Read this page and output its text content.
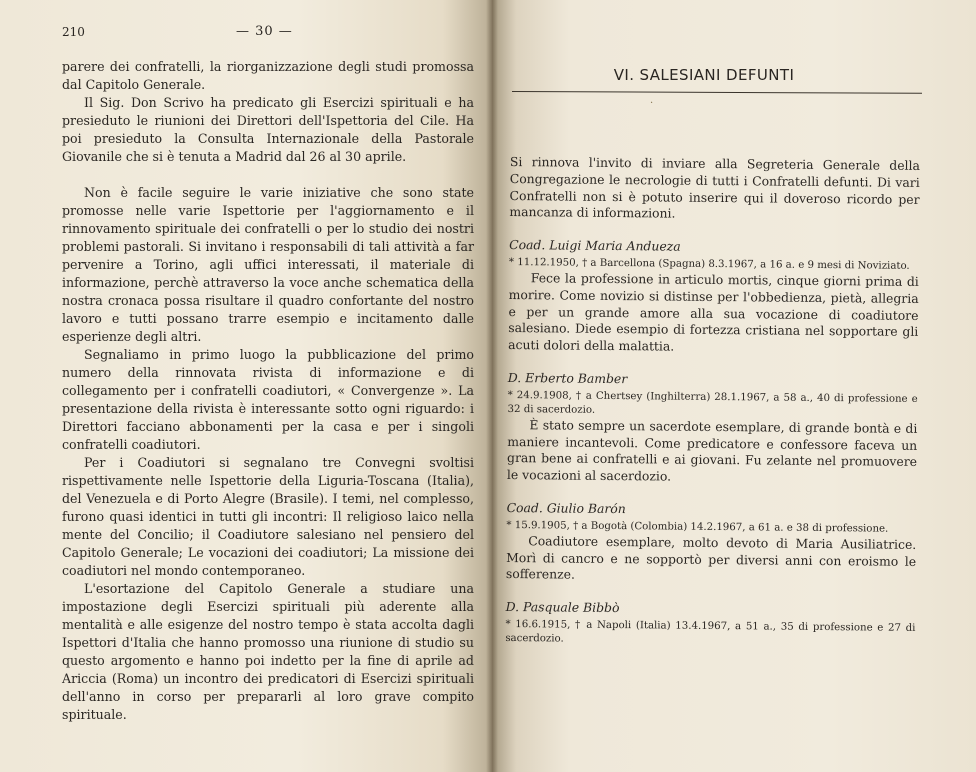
210	— 30 —

parere dei confratelli, la riorganizzazione degli studi promossa dal Capitolo Generale.

Il Sig. Don Scrivo ha predicato gli Esercizi spirituali e ha presieduto le riunioni dei Direttori dell'Ispettoria del Cile. Ha poi presieduto la Consulta Internazionale della Pastorale Giovanile che si è tenuta a Madrid dal 26 al 30 aprile.

Non è facile seguire le varie iniziative che sono state promosse nelle varie Ispettorie per l'aggiornamento e il rinnovamento spirituale dei confratelli o per lo studio dei nostri problemi pastorali. Si invitano i responsabili di tali attività a far pervenire a Torino, agli uffici interessati, il materiale di informazione, perchè attraverso la voce anche schematica della nostra cronaca possa risultare il quadro confortante del nostro lavoro e tutti possano trarre esempio e incitamento dalle esperienze degli altri.

Segnaliamo in primo luogo la pubblicazione del primo numero della rinnovata rivista di informazione e di collegamento per i confratelli coadiutori, « Convergenze ». La presentazione della rivista è interessante sotto ogni riguardo: i Direttori facciano abbonamenti per la casa e per i singoli confratelli coadiutori.

Per i Coadiutori si segnalano tre Convegni svoltisi rispettivamente nelle Ispettorie della Liguria-Toscana (Italia), del Venezuela e di Porto Alegre (Brasile). I temi, nel complesso, furono quasi identici in tutti gli incontri: Il religioso laico nella mente del Concilio; il Coadiutore salesiano nel pensiero del Capitolo Generale; Le vocazioni dei coadiutori; La missione dei coadiutori nel mondo contemporaneo.

L'esortazione del Capitolo Generale a studiare una impostazione degli Esercizi spirituali più aderente alla mentalità e alle esigenze del nostro tempo è stata accolta dagli Ispettori d'Italia che hanno promosso una riunione di studio su questo argomento e hanno poi indetto per la fine di aprile ad Ariccia (Roma) un incontro dei predicatori di Esercizi spirituali dell'anno in corso per prepararli al loro grave compito spirituale.

VI. SALESIANI DEFUNTI
·

Si rinnova l'invito di inviare alla Segreteria Generale della Congregazione le necrologie di tutti i Confratelli defunti. Di vari Confratelli non si è potuto inserire qui il doveroso ricordo per mancanza di informazioni.

Coad. Luigi Maria Andueza
* 11.12.1950, † a Barcellona (Spagna) 8.3.1967, a 16 a. e 9 mesi di Noviziato.

Fece la professione in articulo mortis, cinque giorni prima di morire. Come novizio si distinse per l'obbedienza, pietà, allegria e per un grande amore alla sua vocazione di coadiutore salesiano. Diede esempio di fortezza cristiana nel sopportare gli acuti dolori della malattia.

D. Erberto Bamber
* 24.9.1908, † a Chertsey (Inghilterra) 28.1.1967, a 58 a., 40 di professione e 32 di sacerdozio.

È stato sempre un sacerdote esemplare, di grande bontà e di maniere incantevoli. Come predicatore e confessore faceva un gran bene ai confratelli e ai giovani. Fu zelante nel promuovere le vocazioni al sacerdozio.

Coad. Giulio Barón
* 15.9.1905, † a Bogotà (Colombia) 14.2.1967, a 61 a. e 38 di professione.

Coadiutore esemplare, molto devoto di Maria Ausiliatrice. Morì di cancro e ne sopportò per diversi anni con eroismo le sofferenze.

D. Pasquale Bibbò
* 16.6.1915, † a Napoli (Italia) 13.4.1967, a 51 a., 35 di professione e 27 di sacerdozio.
